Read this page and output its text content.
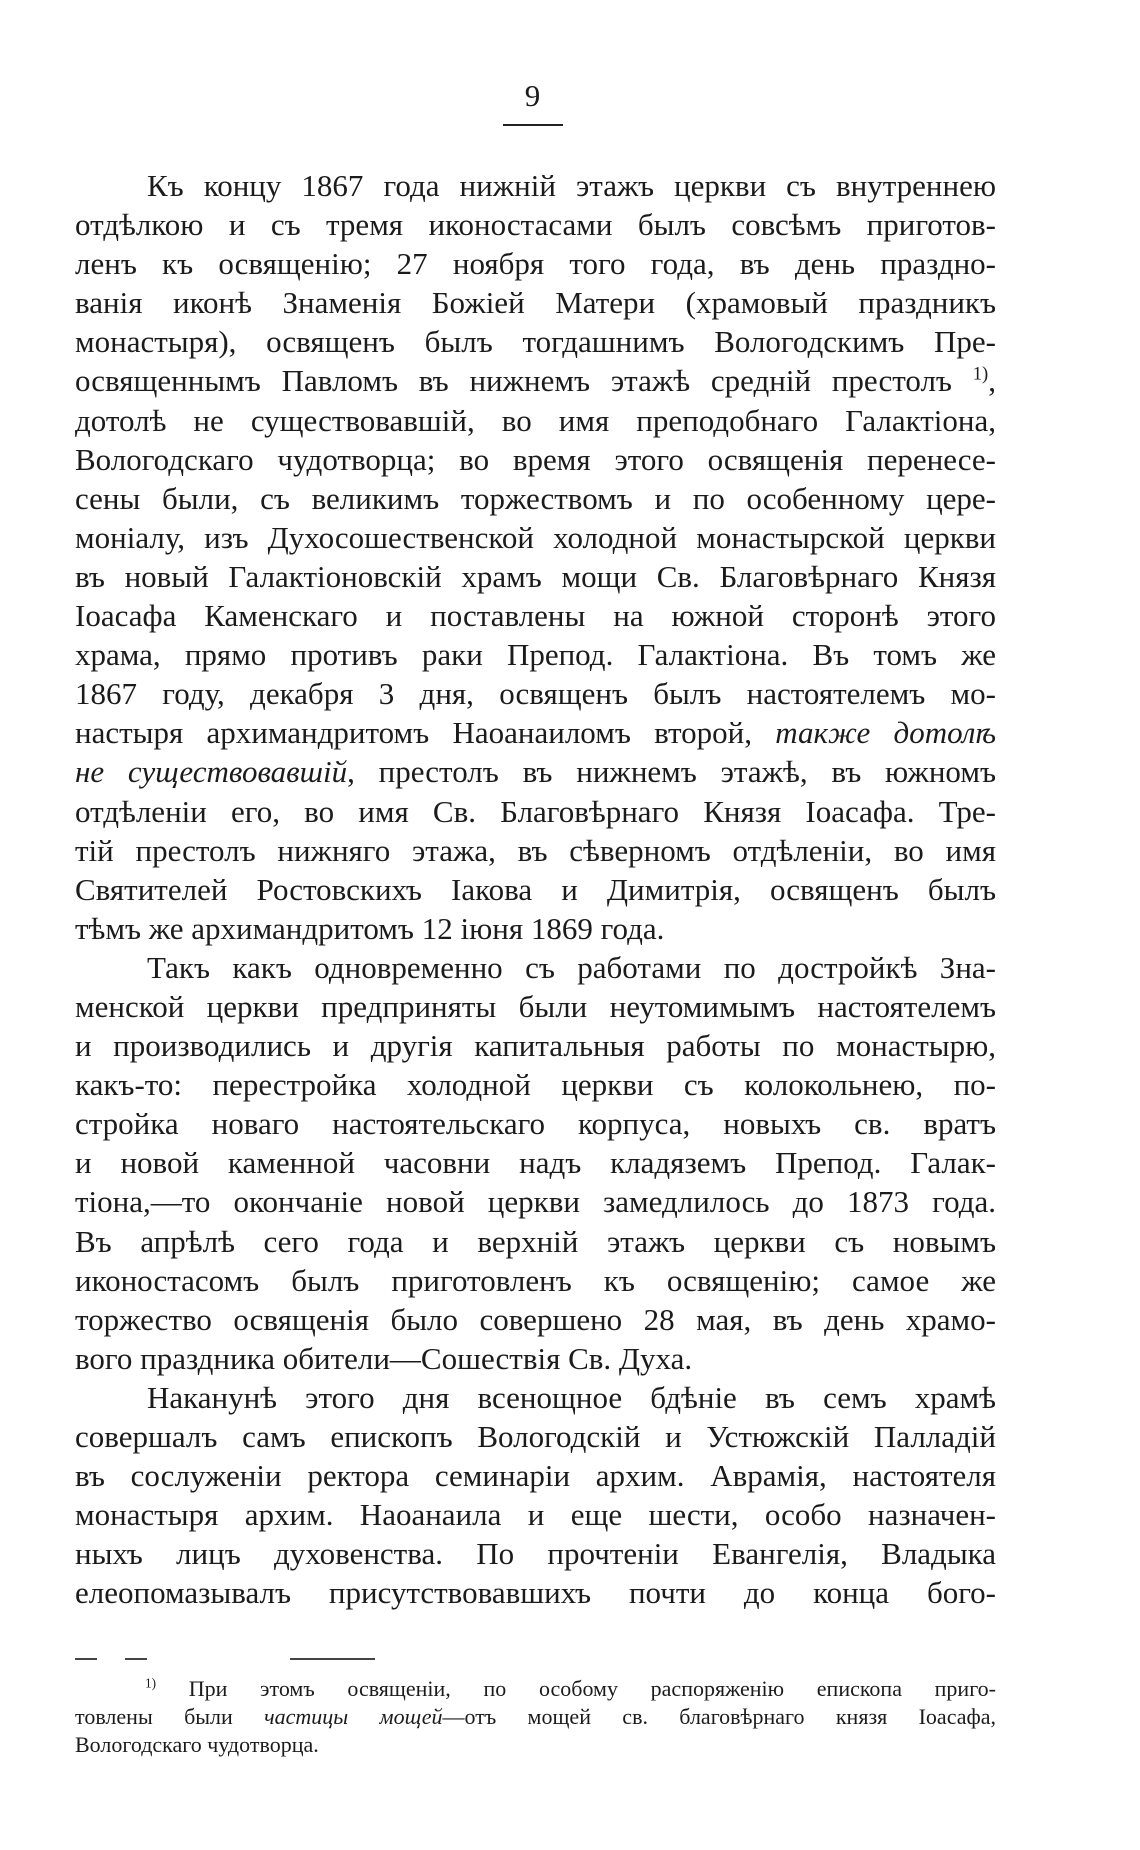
9

Къ концу 1867 года нижній этажъ церкви съ внутреннею
отдѣлкою и съ тремя иконостасами былъ совсѣмъ приготов-
ленъ къ освященію; 27 ноября того года, въ день праздно-
ванія иконѣ Знаменія Божіей Матери (храмовый праздникъ
монастыря), освященъ былъ тогдашнимъ Вологодскимъ Пре-
освященнымъ Павломъ въ нижнемъ этажѣ средній престолъ $^{1)}$,
дотолѣ не существовавшій, во имя преподобнаго Галактіона,
Вологодскаго чудотворца; во время этого освященія перенесе-
сены были, съ великимъ торжествомъ и по особенному цере-
моніалу, изъ Духосошественской холодной монастырской церкви
въ новый Галактіоновскій храмъ мощи Св. Благовѣрнаго Князя
Іоасафа Каменскаго и поставлены на южной сторонѣ этого
храма, прямо противъ раки Препод. Галактіона. Въ томъ же
1867 году, декабря 3 дня, освященъ былъ настоятелемъ мо-
настыря архимандритомъ Наоанаиломъ второй, также дотолѣ
не существовавшій, престолъ въ нижнемъ этажѣ, въ южномъ
отдѣленіи его, во имя Св. Благовѣрнаго Князя Іоасафа. Тре-
тій престолъ нижняго этажа, въ сѣверномъ отдѣленіи, во имя
Святителей Ростовскихъ Іакова и Димитрія, освященъ былъ
тѣмъ же архимандритомъ 12 іюня 1869 года.

Такъ какъ одновременно съ работами по достройкѣ Зна-
менской церкви предприняты были неутомимымъ настоятелемъ
и производились и другія капитальныя работы по монастырю,
какъ-то: перестройка холодной церкви съ колокольнею, по-
стройка новаго настоятельскаго корпуса, новыхъ св. вратъ
и новой каменной часовни надъ кладяземъ Препод. Галак-
тіона,—то окончаніе новой церкви замедлилось до 1873 года.
Въ апрѣлѣ сего года и верхній этажъ церкви съ новымъ
иконостасомъ былъ приготовленъ къ освященію; самое же
торжество освященія было совершено 28 мая, въ день храмо-
вого праздника обители—Сошествія Св. Духа.

Наканунѣ этого дня всенощное бдѣніе въ семъ храмѣ
совершалъ самъ епископъ Вологодскій и Устюжскій Палладій
въ сослуженіи ректора семинаріи архим. Аврамія, настоятеля
монастыря архим. Наоанаила и еще шести, особо назначен-
ныхъ лицъ духовенства. По прочтеніи Евангелія, Владыка
елеопомазывалъ присутствовавшихъ почти до конца бого-

$^{1)}$ При этомъ освященіи, по особому распоряженію епископа приго-
товлены были частицы мощей—отъ мощей св. благовѣрнаго князя Іоасафа,
Вологодскаго чудотворца.
